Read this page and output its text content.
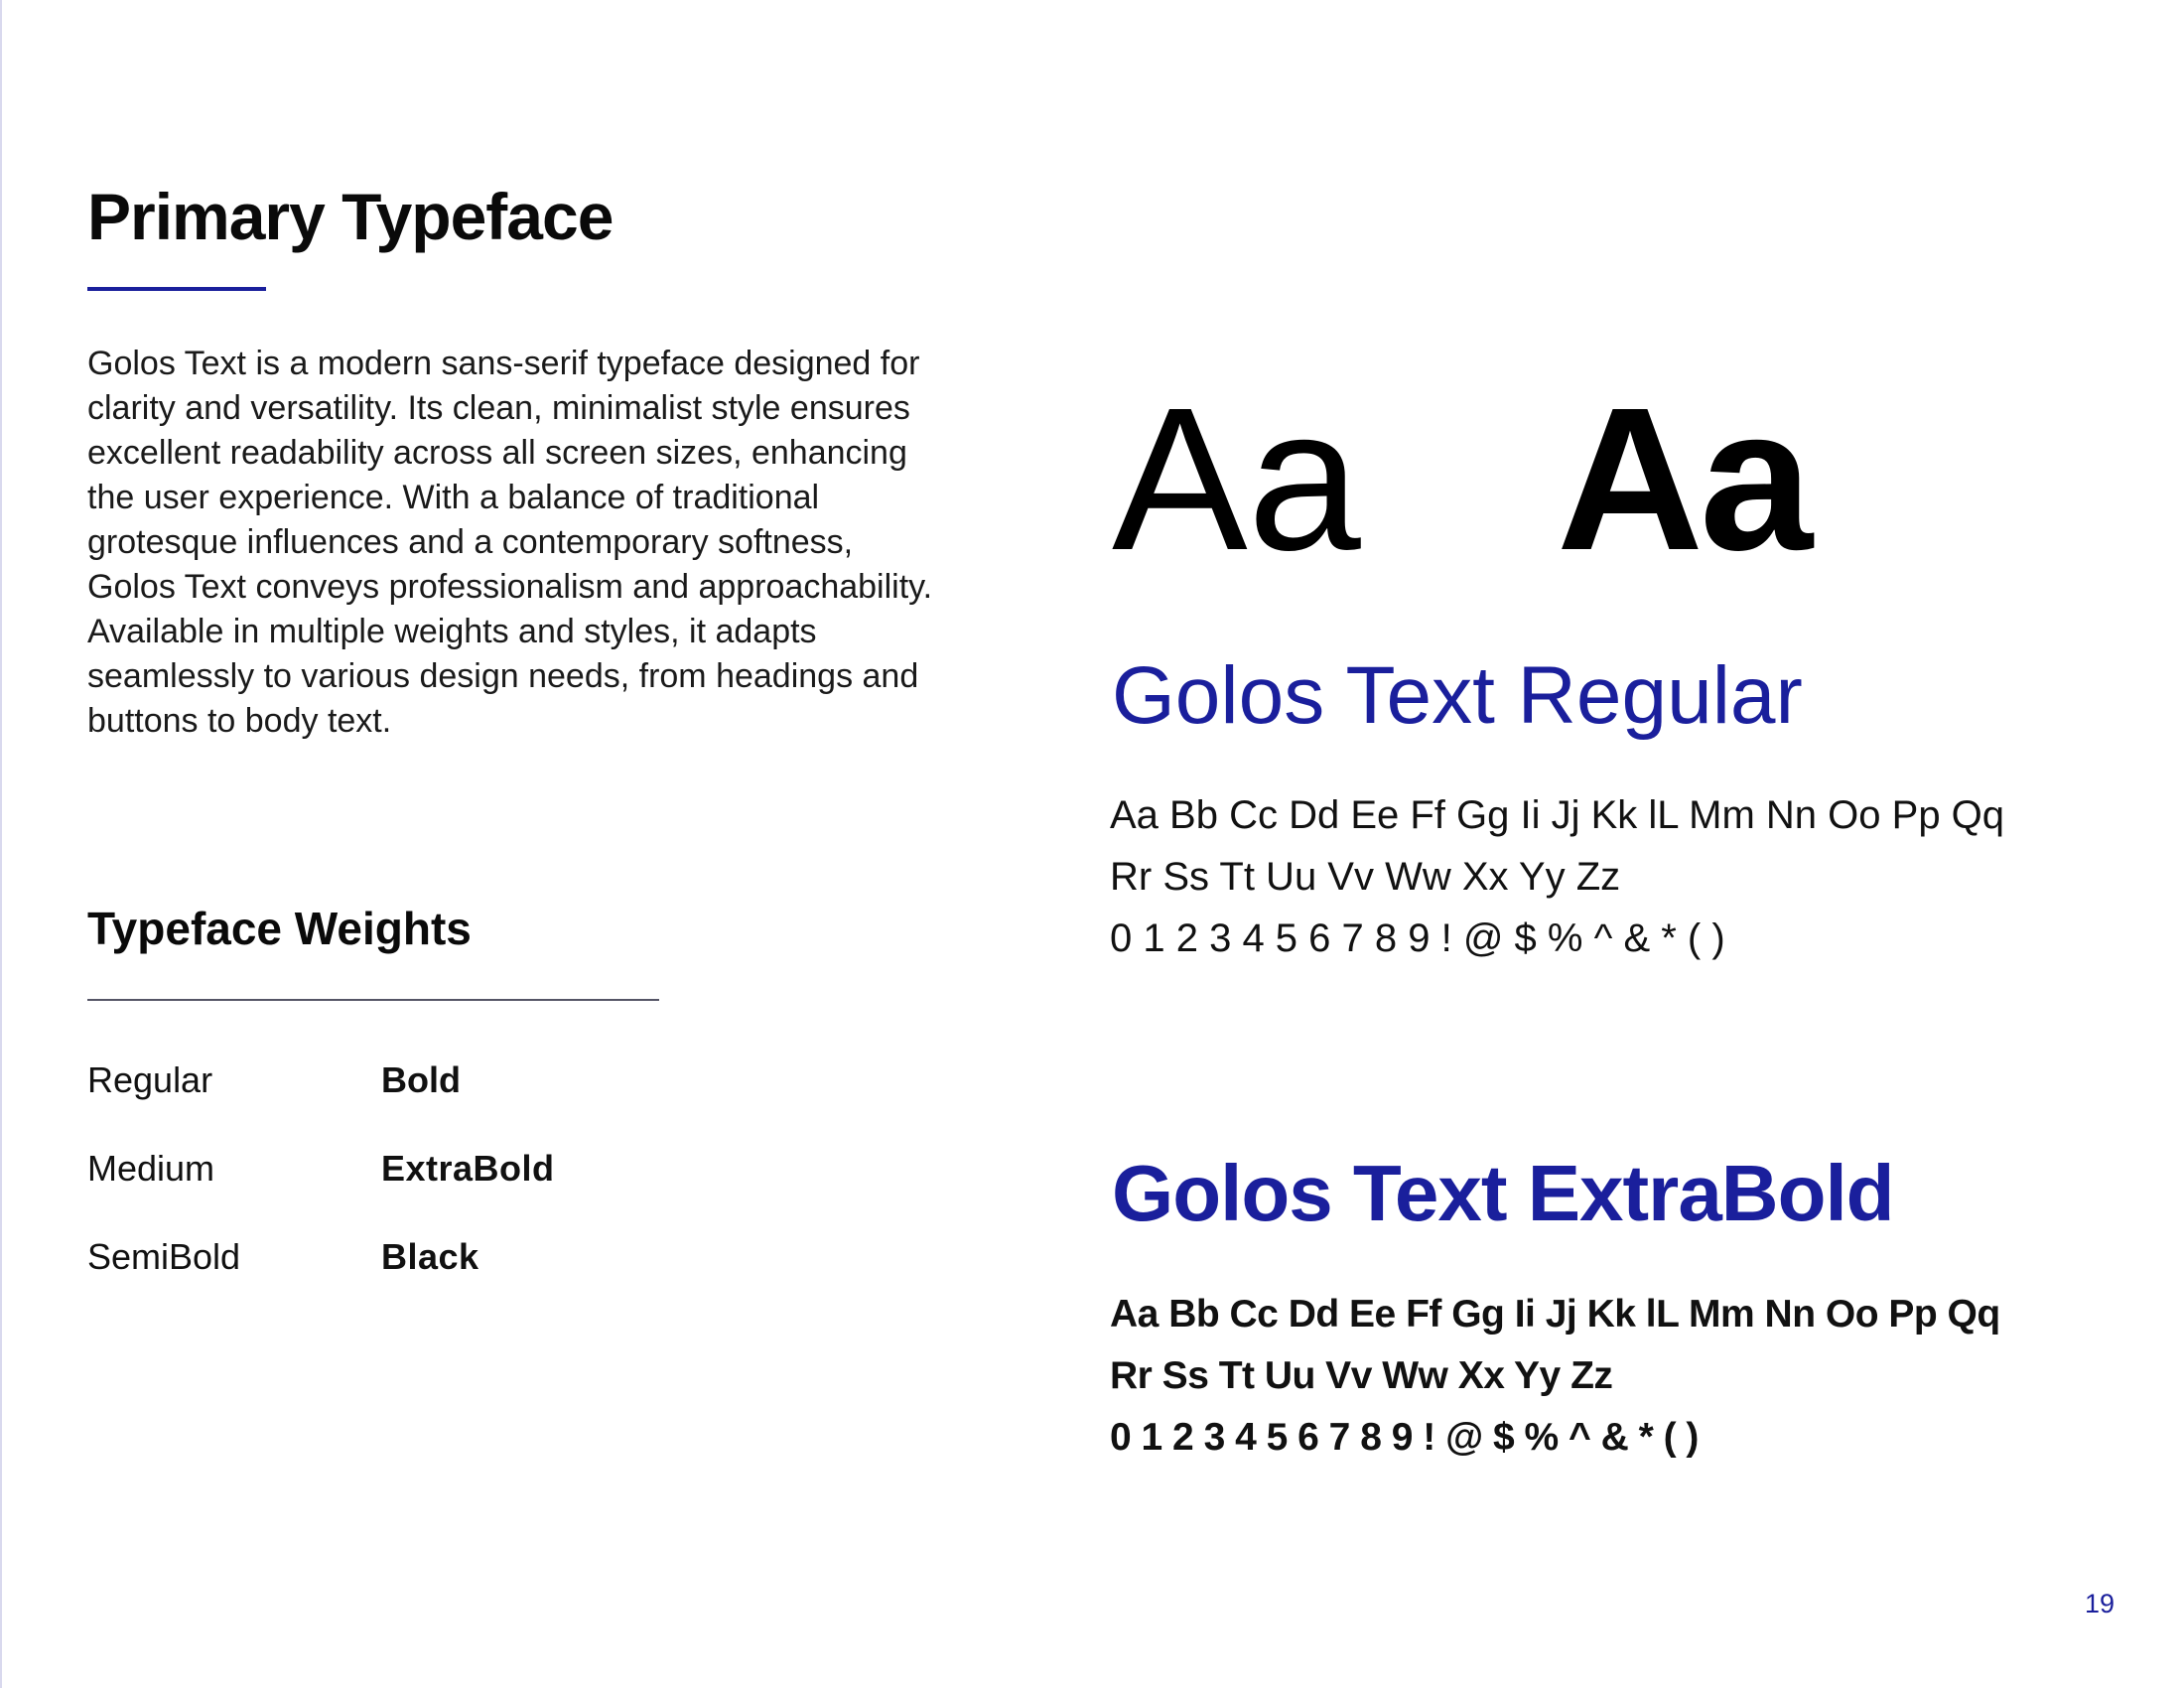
Primary Typeface

Golos Text is a modern sans-serif typeface designed for clarity and versatility. Its clean, minimalist style ensures excellent readability across all screen sizes, enhancing the user experience. With a balance of traditional grotesque influences and a contemporary softness, Golos Text conveys professionalism and approachability. Available in multiple weights and styles, it adapts seamlessly to various design needs, from headings and buttons to body text.

Typeface Weights
Regular	Bold
Medium	ExtraBold
SemiBold	Black
Aa Aa
Golos Text Regular
Aa Bb Cc Dd Ee Ff Gg Ii Jj Kk lL Mm Nn Oo Pp Qq
Rr Ss Tt Uu Vv Ww Xx Yy Zz
0 1 2 3 4 5 6 7 8 9 ! @ $ % ^ & * ( )
Golos Text ExtraBold
Aa Bb Cc Dd Ee Ff Gg Ii Jj Kk lL Mm Nn Oo Pp Qq
Rr Ss Tt Uu Vv Ww Xx Yy Zz
0 1 2 3 4 5 6 7 8 9 ! @ $ % ^ & * ( )
19
